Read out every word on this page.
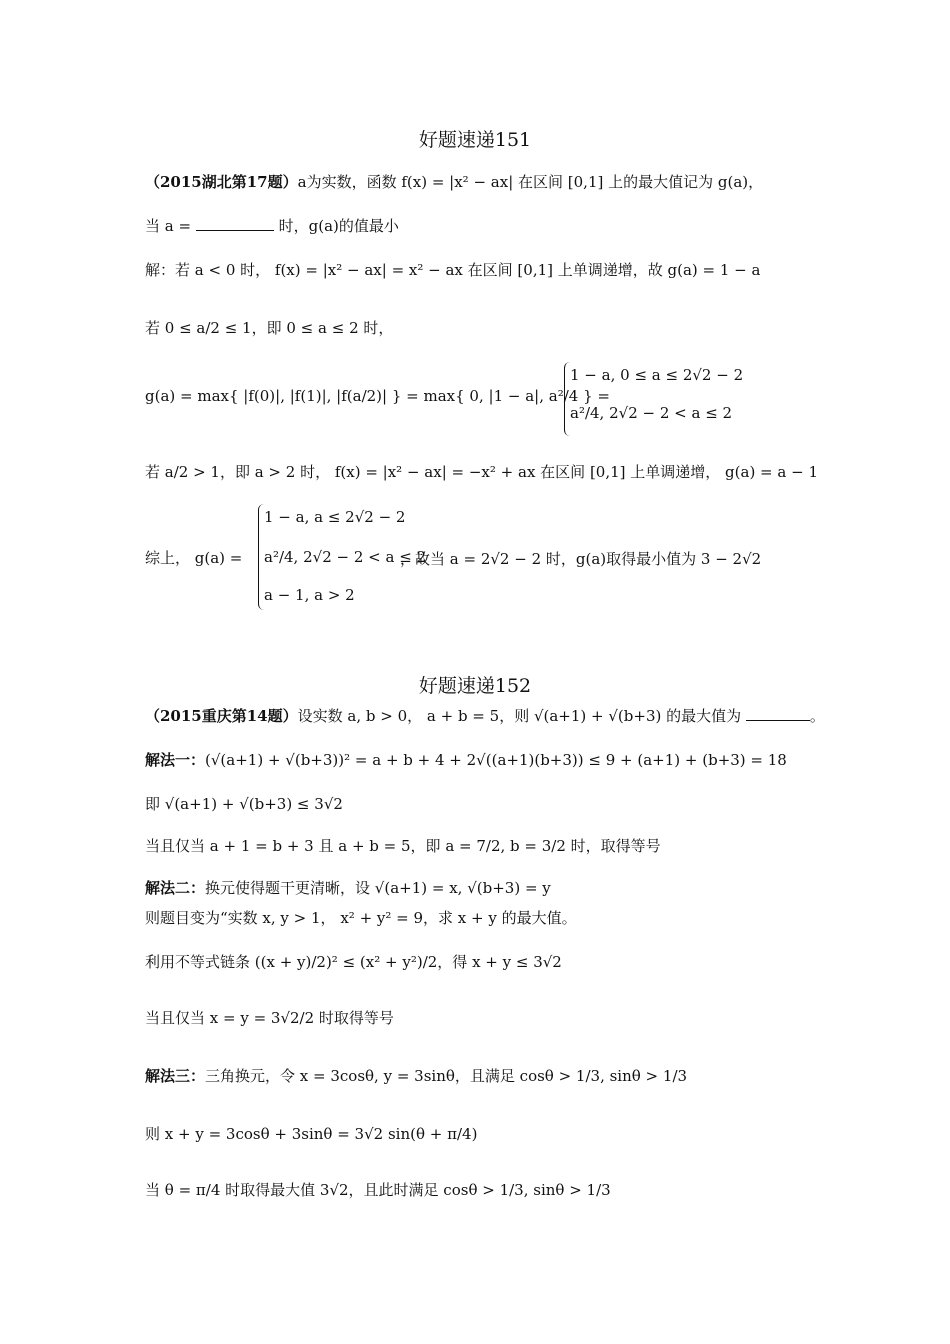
好题速递151
（2015湖北第17题）a为实数，函数 f(x) = |x² − ax| 在区间 [0,1] 上的最大值记为 g(a)，
当 a =	时，g(a)的值最小
解：若 a < 0 时， f(x) = |x² − ax| = x² − ax 在区间 [0,1] 上单调递增，故 g(a) = 1 − a
若 0 ≤ a/2 ≤ 1，即 0 ≤ a ≤ 2 时，
g(a) = max{ |f(0)|, |f(1)|, |f(a/2)| } = max{ 0, |1 − a|, a²/4 } =
1 − a, 0 ≤ a ≤ 2√2 − 2
a²/4, 2√2 − 2 < a ≤ 2
若 a/2 > 1，即 a > 2 时， f(x) = |x² − ax| = −x² + ax 在区间 [0,1] 上单调递增， g(a) = a − 1
综上， g(a) =
1 − a, a ≤ 2√2 − 2
a²/4, 2√2 − 2 < a ≤ 2
a − 1, a > 2
，故当 a = 2√2 − 2 时，g(a)取得最小值为 3 − 2√2
好题速递152
（2015重庆第14题）设实数 a, b > 0， a + b = 5，则 √(a+1) + √(b+3) 的最大值为	。
解法一：(√(a+1) + √(b+3))² = a + b + 4 + 2√((a+1)(b+3)) ≤ 9 + (a+1) + (b+3) = 18
即 √(a+1) + √(b+3) ≤ 3√2
当且仅当 a + 1 = b + 3 且 a + b = 5，即 a = 7/2, b = 3/2 时，取得等号
解法二：换元使得题干更清晰，设 √(a+1) = x, √(b+3) = y
则题目变为“实数 x, y > 1， x² + y² = 9，求 x + y 的最大值。
利用不等式链条 ((x + y)/2)² ≤ (x² + y²)/2，得 x + y ≤ 3√2
当且仅当 x = y = 3√2/2 时取得等号
解法三：三角换元，令 x = 3cosθ, y = 3sinθ，且满足 cosθ > 1/3, sinθ > 1/3
则 x + y = 3cosθ + 3sinθ = 3√2 sin(θ + π/4)
当 θ = π/4 时取得最大值 3√2，且此时满足 cosθ > 1/3, sinθ > 1/3
